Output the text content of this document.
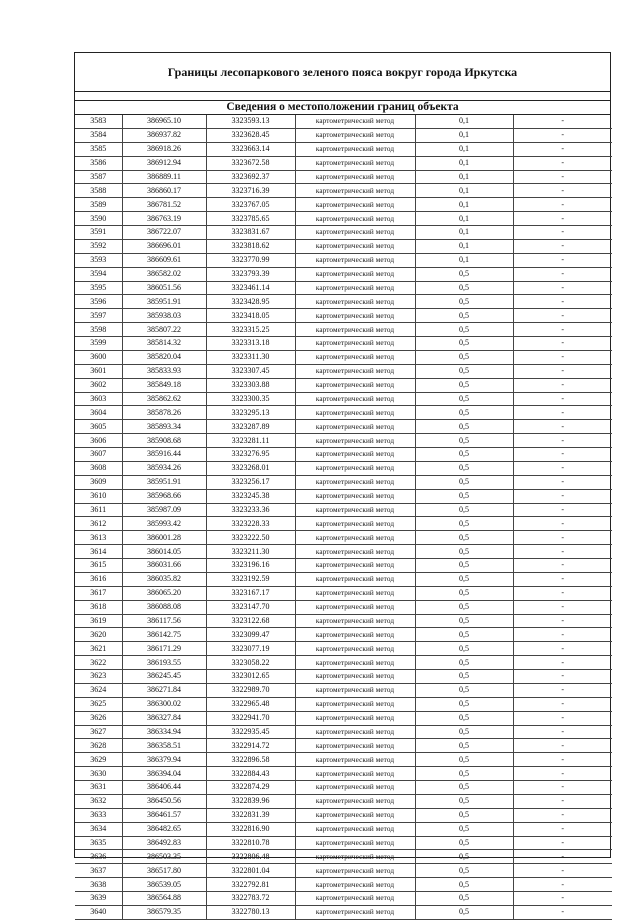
Границы лесопаркового зеленого пояса вокруг города Иркутска
Сведения о местоположении границ объекта
3583	386965.10	3323593.13	картометрический метод	0,1	-
3584	386937.82	3323628.45	картометрический метод	0,1	-
3585	386918.26	3323663.14	картометрический метод	0,1	-
3586	386912.94	3323672.58	картометрический метод	0,1	-
3587	386889.11	3323692.37	картометрический метод	0,1	-
3588	386860.17	3323716.39	картометрический метод	0,1	-
3589	386781.52	3323767.05	картометрический метод	0,1	-
3590	386763.19	3323785.65	картометрический метод	0,1	-
3591	386722.07	3323831.67	картометрический метод	0,1	-
3592	386696.01	3323818.62	картометрический метод	0,1	-
3593	386609.61	3323770.99	картометрический метод	0,1	-
3594	386582.02	3323793.39	картометрический метод	0,5	-
3595	386051.56	3323461.14	картометрический метод	0,5	-
3596	385951.91	3323428.95	картометрический метод	0,5	-
3597	385938.03	3323418.05	картометрический метод	0,5	-
3598	385807.22	3323315.25	картометрический метод	0,5	-
3599	385814.32	3323313.18	картометрический метод	0,5	-
3600	385820.04	3323311.30	картометрический метод	0,5	-
3601	385833.93	3323307.45	картометрический метод	0,5	-
3602	385849.18	3323303.88	картометрический метод	0,5	-
3603	385862.62	3323300.35	картометрический метод	0,5	-
3604	385878.26	3323295.13	картометрический метод	0,5	-
3605	385893.34	3323287.89	картометрический метод	0,5	-
3606	385908.68	3323281.11	картометрический метод	0,5	-
3607	385916.44	3323276.95	картометрический метод	0,5	-
3608	385934.26	3323268.01	картометрический метод	0,5	-
3609	385951.91	3323256.17	картометрический метод	0,5	-
3610	385968.66	3323245.38	картометрический метод	0,5	-
3611	385987.09	3323233.36	картометрический метод	0,5	-
3612	385993.42	3323228.33	картометрический метод	0,5	-
3613	386001.28	3323222.50	картометрический метод	0,5	-
3614	386014.05	3323211.30	картометрический метод	0,5	-
3615	386031.66	3323196.16	картометрический метод	0,5	-
3616	386035.82	3323192.59	картометрический метод	0,5	-
3617	386065.20	3323167.17	картометрический метод	0,5	-
3618	386088.08	3323147.70	картометрический метод	0,5	-
3619	386117.56	3323122.68	картометрический метод	0,5	-
3620	386142.75	3323099.47	картометрический метод	0,5	-
3621	386171.29	3323077.19	картометрический метод	0,5	-
3622	386193.55	3323058.22	картометрический метод	0,5	-
3623	386245.45	3323012.65	картометрический метод	0,5	-
3624	386271.84	3322989.70	картометрический метод	0,5	-
3625	386300.02	3322965.48	картометрический метод	0,5	-
3626	386327.84	3322941.70	картометрический метод	0,5	-
3627	386334.94	3322935.45	картометрический метод	0,5	-
3628	386358.51	3322914.72	картометрический метод	0,5	-
3629	386379.94	3322896.58	картометрический метод	0,5	-
3630	386394.04	3322884.43	картометрический метод	0,5	-
3631	386406.44	3322874.29	картометрический метод	0,5	-
3632	386450.56	3322839.96	картометрический метод	0,5	-
3633	386461.57	3322831.39	картометрический метод	0,5	-
3634	386482.65	3322816.90	картометрический метод	0,5	-
3635	386492.83	3322810.78	картометрический метод	0,5	-
3636	386503.35	3322806.48	картометрический метод	0,5	-
3637	386517.80	3322801.04	картометрический метод	0,5	-
3638	386539.05	3322792.81	картометрический метод	0,5	-
3639	386564.88	3322783.72	картометрический метод	0,5	-
3640	386579.35	3322780.13	картометрический метод	0,5	-
